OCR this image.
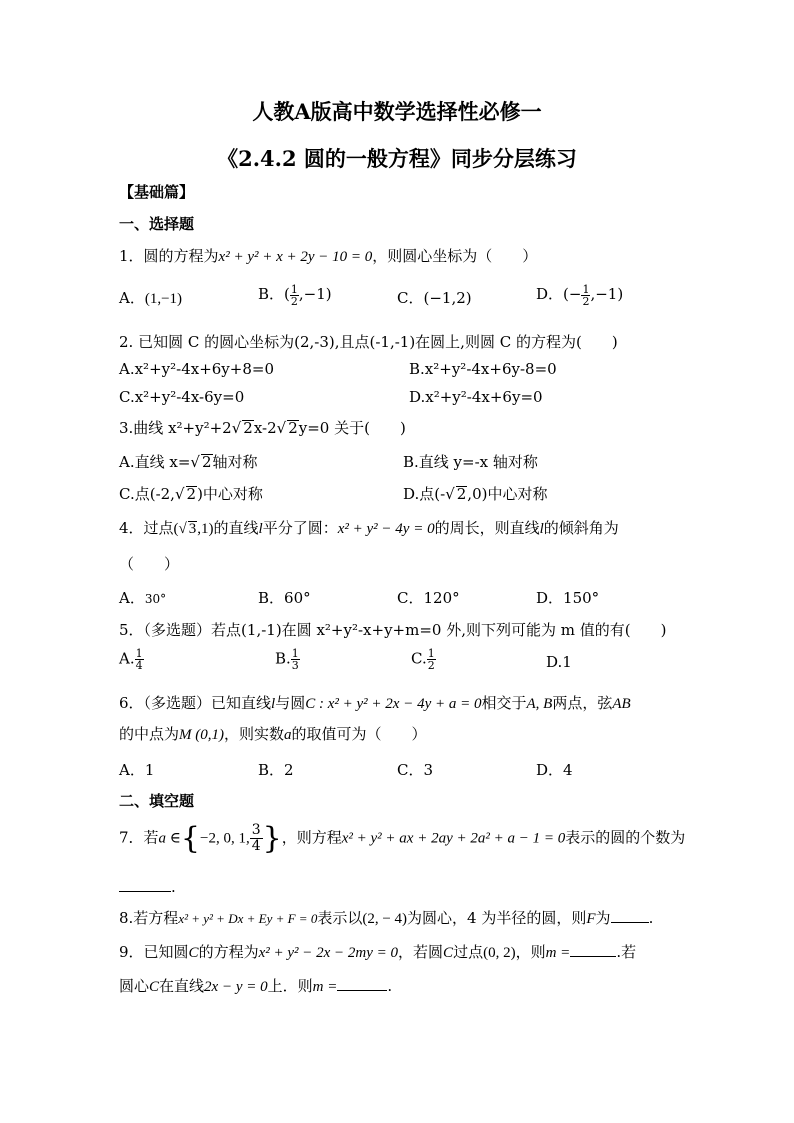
人教A版高中数学选择性必修一
《2.4.2 圆的一般方程》同步分层练习
【基础篇】
一、选择题
1．圆的方程为x² + y² + x + 2y − 10 = 0，则圆心坐标为（　　）
A．(1,−1)	B．( $\frac{1}{2} ,-1$)	C．(−1,2)	D．(− $\frac{1}{2} ,-1$)
2. 已知圆 C 的圆心坐标为(2,-3),且点(-1,-1)在圆上,则圆 C 的方程为(　　)
A.x²+y²-4x+6y+8=0	B.x²+y²-4x+6y-8=0
C.x²+y²-4x-6y=0	D.x²+y²-4x+6y=0
3.曲线 x²+y²+2√ 2x-2√ 2y=0 关于(　　)
A.直线 x=√ 2轴对称	B.直线 y=-x 轴对称
C.点(-2,√ 2)中心对称	D.点(-√ 2,0)中心对称
4．过点(√ 3,1)的直线l平分了圆：x² + y² − 4y = 0的周长，则直线l的倾斜角为
（　　）
A．30°	B．60°	C．120°	D．150°
5．（多选题）若点(1,-1)在圆 x²+y²-x+y+m=0 外,则下列可能为 m 值的有(　　)
A. $\frac{1}{4}$	B. $\frac{1}{3}$	C. $\frac{1}{2}$	D.1
6．（多选题）已知直线l与圆C : x² + y² + 2x − 4y + a = 0相交于A, B两点，弦AB
的中点为M (0,1)，则实数a的取值可为（　　）
A．1	B．2	C．3	D．4
二、填空题
7．若a ∈{−2, 0, 1, $\frac{3}{4}$ }，则方程x² + y² + ax + 2ay + 2a² + a − 1 = 0表示的圆的个数为
.
8.若方程x² + y² + Dx + Ey + F = 0表示以(2, − 4)为圆心，4 为半径的圆，则F为	.
9．已知圆C的方程为x² + y² − 2x − 2my = 0，若圆C过点(0, 2)，则m =	.若
圆心C在直线2x − y = 0上．则m =	.
